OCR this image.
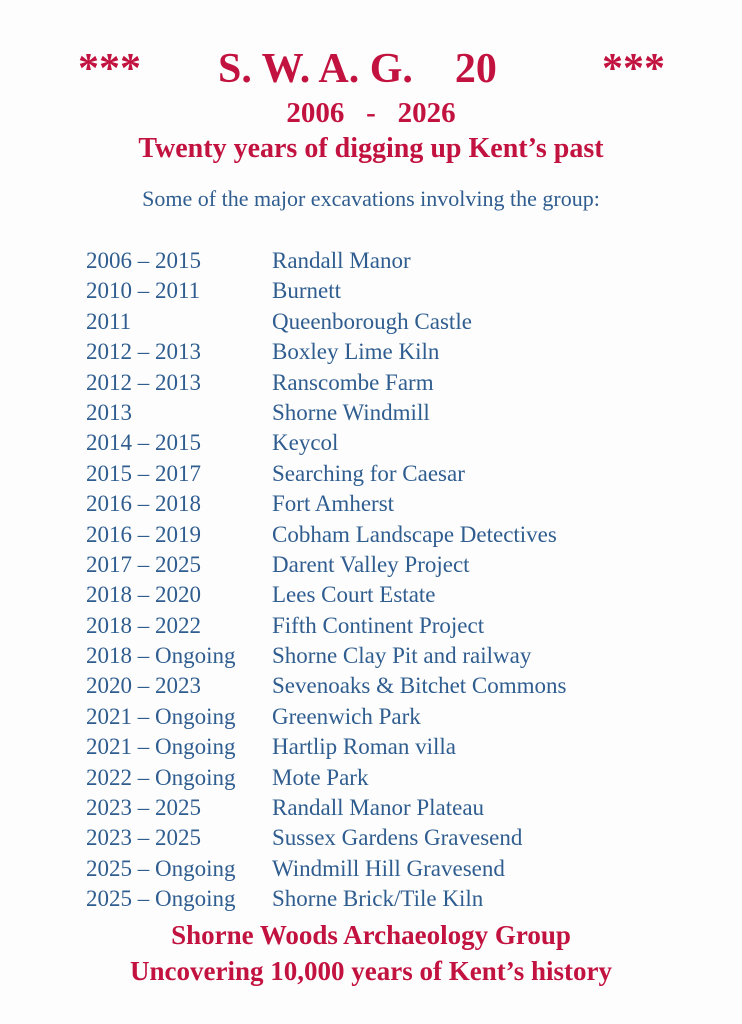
*** S. W. A. G.    20	***
2006   -   2026
Twenty years of digging up Kent’s past
Some of the major excavations involving the group:
2006 – 2015	Randall Manor
2010 – 2011	Burnett
2011	Queenborough Castle
2012 – 2013	Boxley Lime Kiln
2012 – 2013	Ranscombe Farm
2013	Shorne Windmill
2014 – 2015	Keycol
2015 – 2017	Searching for Caesar
2016 – 2018	Fort Amherst
2016 – 2019	Cobham Landscape Detectives
2017 – 2025	Darent Valley Project
2018 – 2020	Lees Court Estate
2018 – 2022	Fifth Continent Project
2018 – Ongoing Shorne Clay Pit and railway
2020 – 2023	Sevenoaks & Bitchet Commons
2021 – Ongoing Greenwich Park
2021 – Ongoing Hartlip Roman villa
2022 – Ongoing Mote Park
2023 – 2025	Randall Manor Plateau
2023 – 2025	Sussex Gardens Gravesend
2025 – Ongoing Windmill Hill Gravesend
2025 – Ongoing Shorne Brick/Tile Kiln
Shorne Woods Archaeology Group
Uncovering 10,000 years of Kent’s history
